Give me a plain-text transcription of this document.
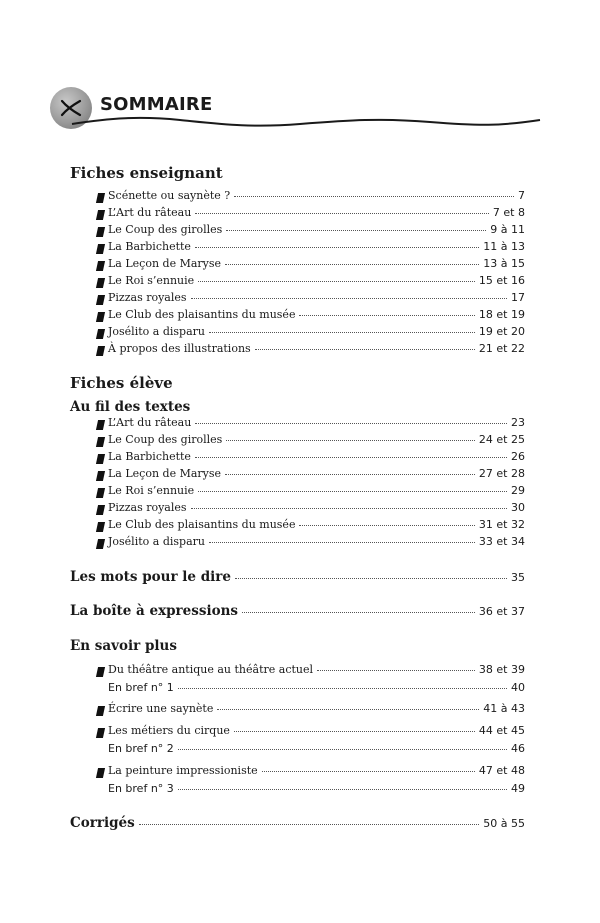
SOMMAIRE
Fiches enseignant
Scénette ou saynète ?	7
L’Art du râteau	7 et 8
Le Coup des girolles	9 à 11
La Barbichette	11 à 13
La Leçon de Maryse	13 à 15
Le Roi s’ennuie	15 et 16
Pizzas royales	17
Le Club des plaisantins du musée	18 et 19
Josélito a disparu	19 et 20
À propos des illustrations	21 et 22
Fiches élève
Au fil des textes
L’Art du râteau	23
Le Coup des girolles	24 et 25
La Barbichette	26
La Leçon de Maryse	27 et 28
Le Roi s’ennuie	29
Pizzas royales	30
Le Club des plaisantins du musée	31 et 32
Josélito a disparu	33 et 34
Les mots pour le dire	35
La boîte à expressions	36 et 37
En savoir plus
Du théâtre antique au théâtre actuel	38 et 39
En bref n° 1	40
Écrire une saynète	41 à 43
Les métiers du cirque	44 et 45
En bref n° 2	46
La peinture impressioniste	47 et 48
En bref n° 3	49
Corrigés	50 à 55
